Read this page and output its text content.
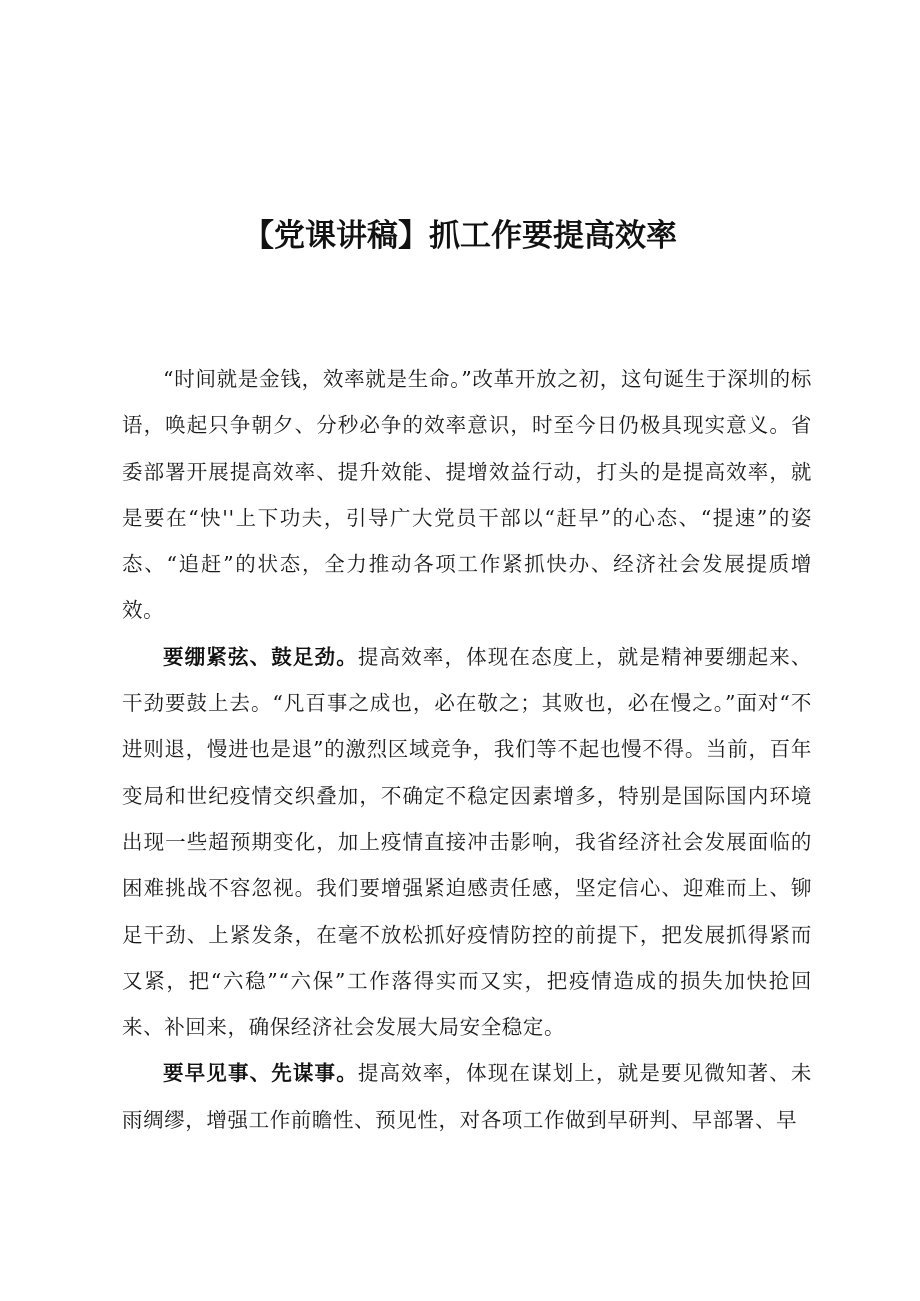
【党课讲稿】抓工作要提高效率

“时间就是金钱，效率就是生命。”改革开放之初，这句诞生于深圳的标语，唤起只争朝夕、分秒必争的效率意识，时至今日仍极具现实意义。省委部署开展提高效率、提升效能、提增效益行动，打头的是提高效率，就是要在“快''上下功夫，引导广大党员干部以“赶早”的心态、“提速”的姿态、“追赶”的状态，全力推动各项工作紧抓快办、经济社会发展提质增效。

要绷紧弦、鼓足劲。提高效率，体现在态度上，就是精神要绷起来、干劲要鼓上去。“凡百事之成也，必在敬之；其败也，必在慢之。”面对“不进则退，慢进也是退”的激烈区域竞争，我们等不起也慢不得。当前，百年变局和世纪疫情交织叠加，不确定不稳定因素增多，特别是国际国内环境出现一些超预期变化，加上疫情直接冲击影响，我省经济社会发展面临的困难挑战不容忽视。我们要增强紧迫感责任感，坚定信心、迎难而上、铆足干劲、上紧发条，在毫不放松抓好疫情防控的前提下，把发展抓得紧而又紧，把“六稳”“六保”工作落得实而又实，把疫情造成的损失加快抢回来、补回来，确保经济社会发展大局安全稳定。

要早见事、先谋事。提高效率，体现在谋划上，就是要见微知著、未雨绸缪，增强工作前瞻性、预见性，对各项工作做到早研判、早部署、早
